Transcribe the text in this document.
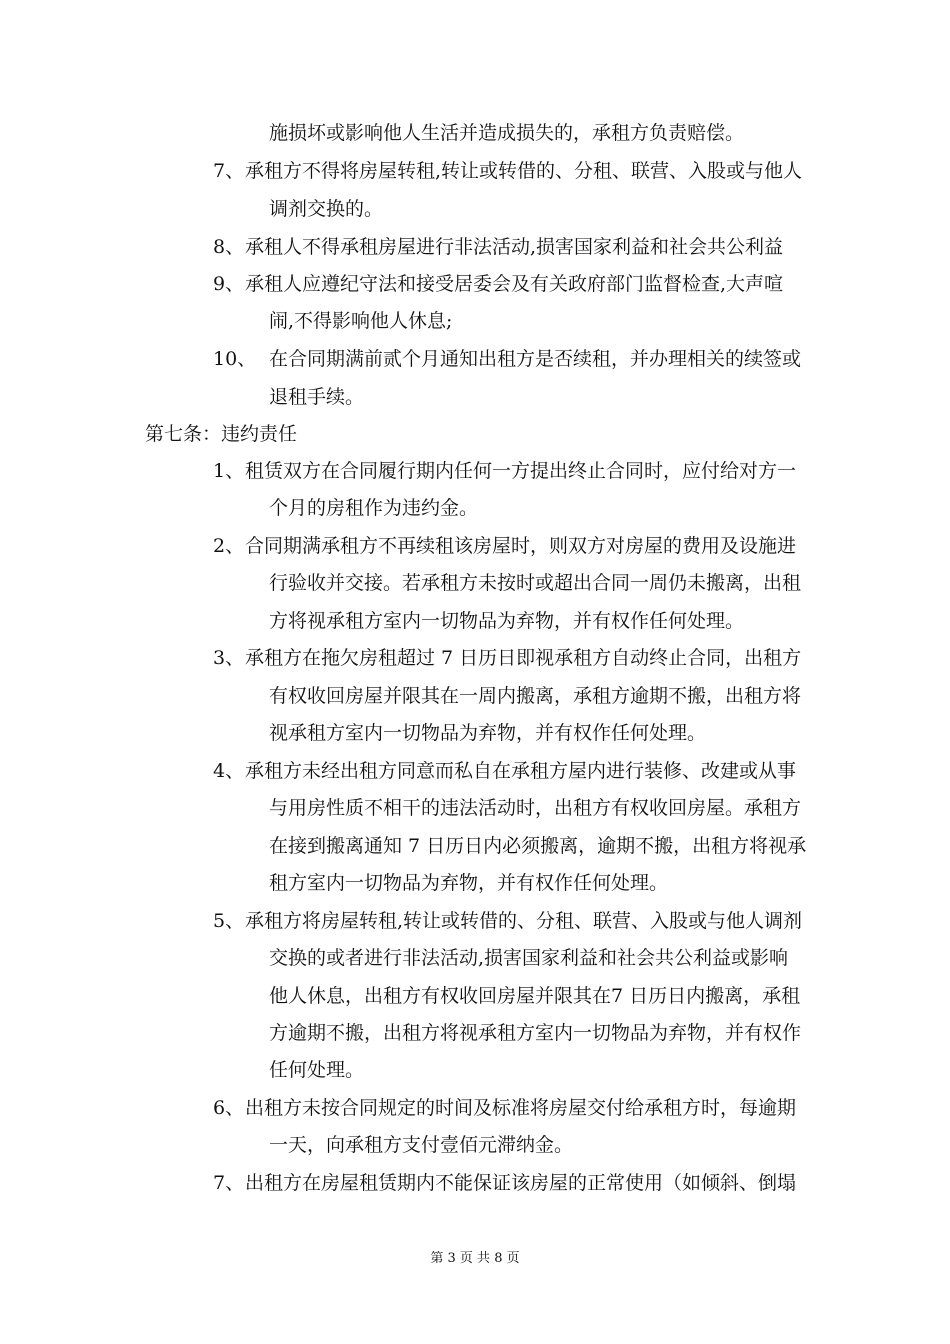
施损坏或影响他人生活并造成损失的，承租方负责赔偿。
7、 承租方不得将房屋转租,转让或转借的、分租、联营、入股或与他人
调剂交换的。
8、 承租人不得承租房屋进行非法活动,损害国家利益和社会共公利益
9、 承租人应遵纪守法和接受居委会及有关政府部门监督检查,大声喧
闹,不得影响他人休息;
10、 在合同期满前贰个月通知出租方是否续租，并办理相关的续签或
退租手续。
第七条：违约责任
1、 租赁双方在合同履行期内任何一方提出终止合同时，应付给对方一
个月的房租作为违约金。
2、 合同期满承租方不再续租该房屋时，则双方对房屋的费用及设施进
行验收并交接。若承租方未按时或超出合同一周仍未搬离，出租
方将视承租方室内一切物品为弃物，并有权作任何处理。
3、 承租方在拖欠房租超过 7 日历日即视承租方自动终止合同，出租方
有权收回房屋并限其在一周内搬离，承租方逾期不搬，出租方将
视承租方室内一切物品为弃物，并有权作任何处理。
4、 承租方未经出租方同意而私自在承租方屋内进行装修、改建或从事
与用房性质不相干的违法活动时，出租方有权收回房屋。承租方
在接到搬离通知 7 日历日内必须搬离，逾期不搬，出租方将视承
租方室内一切物品为弃物，并有权作任何处理。
5、 承租方将房屋转租,转让或转借的、分租、联营、入股或与他人调剂
交换的或者进行非法活动,损害国家利益和社会共公利益或影响
他人休息，出租方有权收回房屋并限其在7 日历日内搬离，承租
方逾期不搬，出租方将视承租方室内一切物品为弃物，并有权作
任何处理。
6、 出租方未按合同规定的时间及标准将房屋交付给承租方时，每逾期
一天，向承租方支付壹佰元滞纳金。
7、 出租方在房屋租赁期内不能保证该房屋的正常使用（如倾斜、倒塌
第 3 页 共 8 页
